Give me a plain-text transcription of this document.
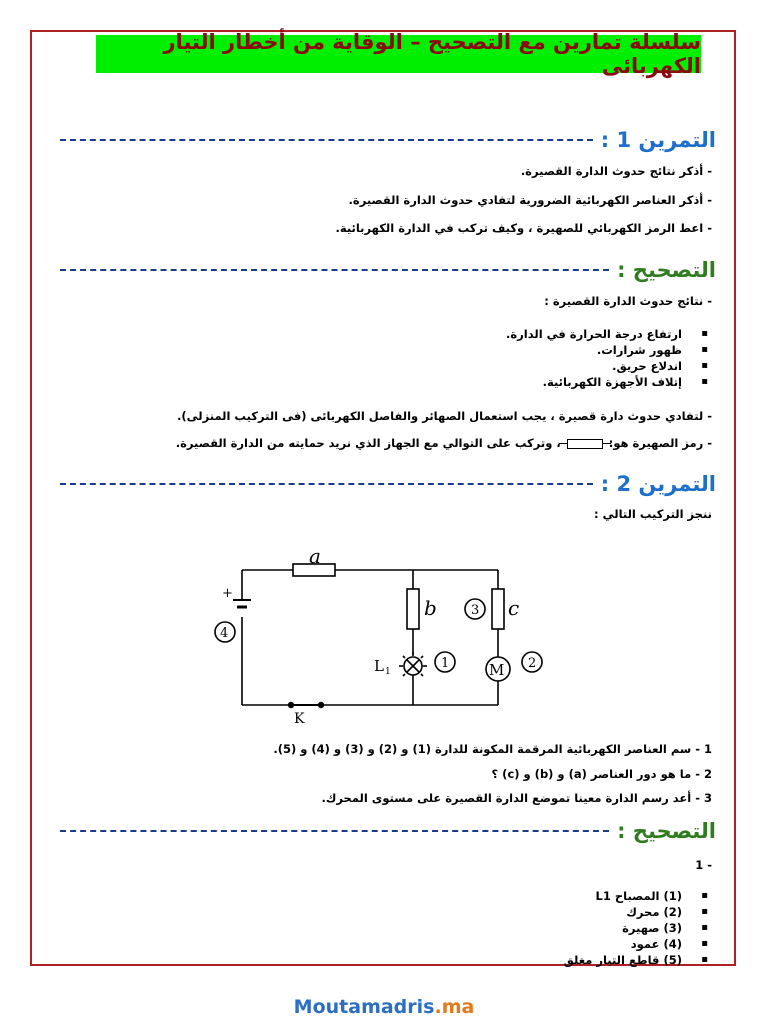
سلسلة تمارين مع التصحيح – الوقاية من أخطار التيار الكهربائى
التمرين 1 :
- أذكر نتائج حدوث الدارة القصيرة.
- أذكر العناصر الكهربائية الضرورية لتفادي حدوث الدارة القصيرة.
- اعط الرمز الكهربائي للصهيرة ، وكيف تركب في الدارة الكهربائية.
التصحيح :
- نتائج حدوث الدارة القصيرة :
▪ ارتفاع درجة الحرارة في الدارة.
▪ ظهور شرارات.
▪ اندلاع حريق.
▪ إتلاف الأجهزة الكهربائية.
- لتفادي حدوث دارة قصيرة ، يجب استعمال الصهائر والفاصل الكهربائى (فى التركيب المنزلى).
- رمز الصهيرة هو:، وتركب على التوالي مع الجهاز الذي نريد حمايته من الدارة القصيرة.
التمرين 2 :
ننجز التركيب التالي :
a
b	c
+
L 1	M
K
4
1
3
2
1 - سم العناصر الكهربائية المرقمة المكونة للدارة (1) و (2) و (3) و (4) و (5).
2 - ما هو دور العناصر (a) و (b) و (c) ؟
3 - أعد رسم الدارة معينا تموضع الدارة القصيرة على مستوى المحرك.
التصحيح :
- 1
▪ (1) المصباح L1
▪ (2) محرك
▪ (3) صهيرة
▪ (4) عمود
▪ (5) قاطع التيار مغلق
Moutamadris.ma
